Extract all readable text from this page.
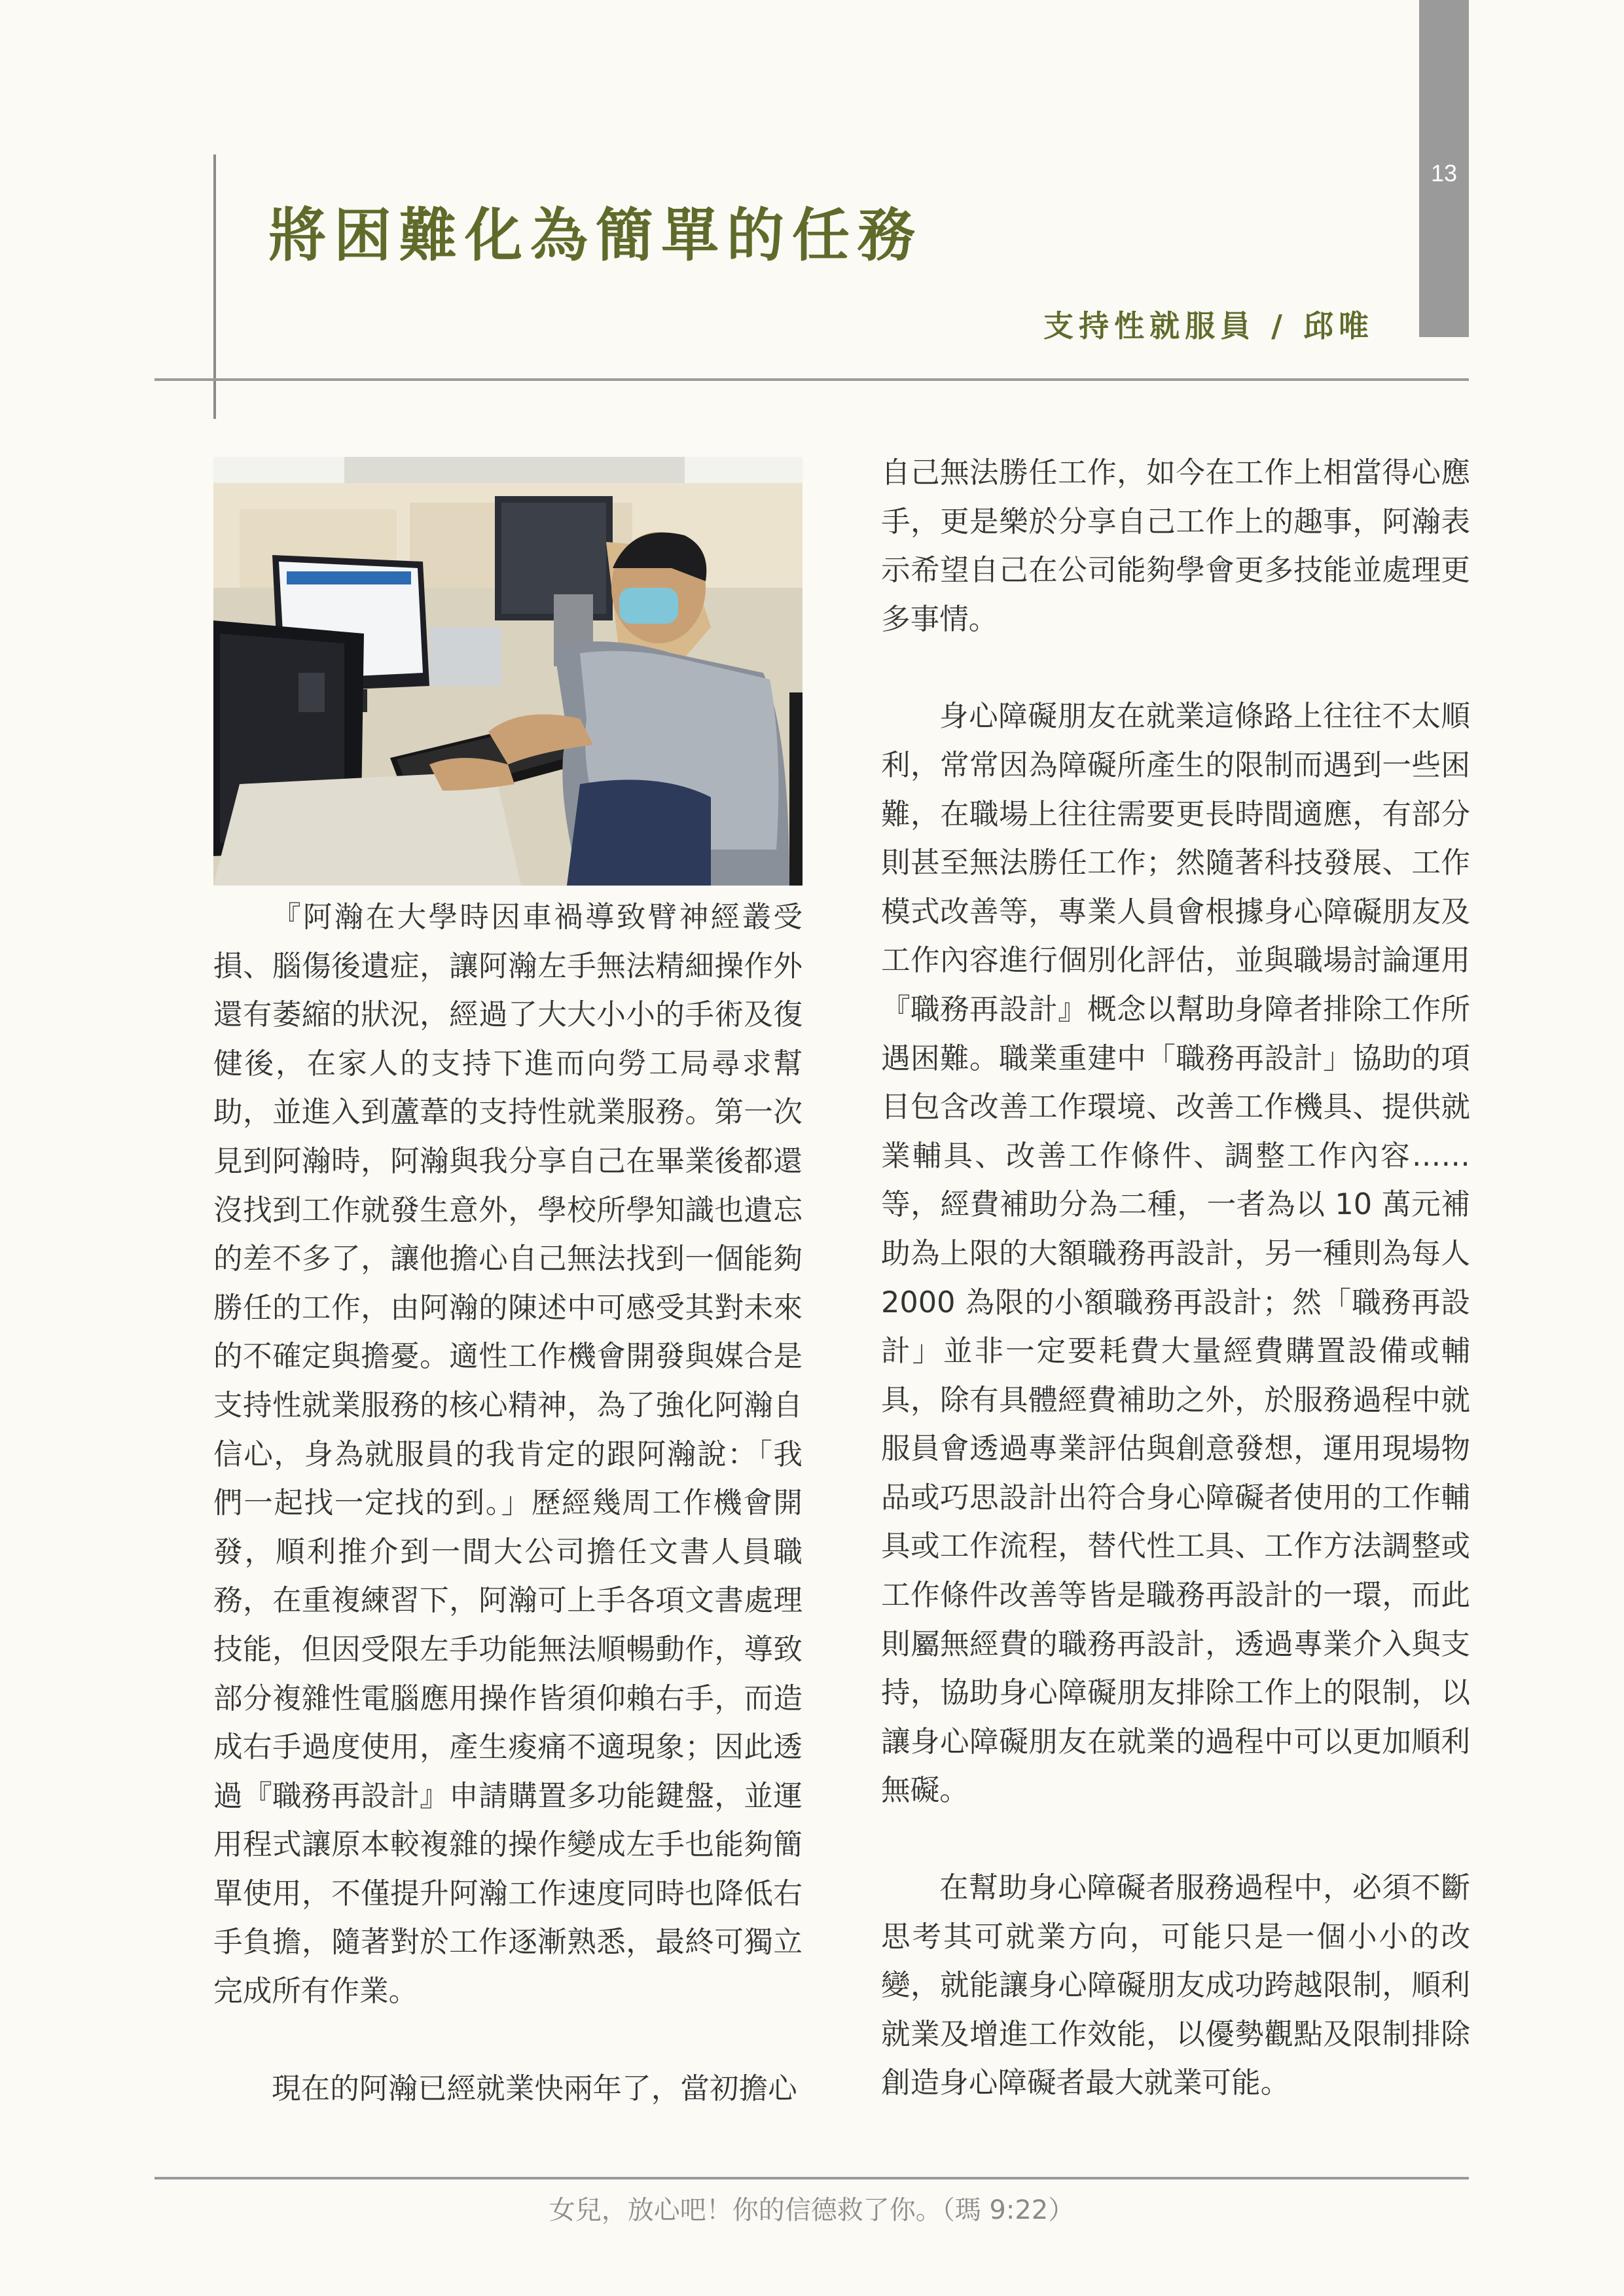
13
將困難化為簡單的任務
支持性就服員 / 邱唯

『阿瀚在大學時因車禍導致臂神經叢受損、腦傷後遺症，讓阿瀚左手無法精細操作外還有萎縮的狀況，經過了大大小小的手術及復健後，在家人的支持下進而向勞工局尋求幫助，並進入到蘆葦的支持性就業服務。第一次見到阿瀚時，阿瀚與我分享自己在畢業後都還沒找到工作就發生意外，學校所學知識也遺忘的差不多了，讓他擔心自己無法找到一個能夠勝任的工作，由阿瀚的陳述中可感受其對未來的不確定與擔憂。適性工作機會開發與媒合是支持性就業服務的核心精神，為了強化阿瀚自信心，身為就服員的我肯定的跟阿瀚說：「我們一起找一定找的到。」歷經幾周工作機會開發，順利推介到一間大公司擔任文書人員職務，在重複練習下，阿瀚可上手各項文書處理技能，但因受限左手功能無法順暢動作，導致部分複雜性電腦應用操作皆須仰賴右手，而造成右手過度使用，產生痠痛不適現象；因此透過『職務再設計』申請購置多功能鍵盤，並運用程式讓原本較複雜的操作變成左手也能夠簡單使用，不僅提升阿瀚工作速度同時也降低右手負擔，隨著對於工作逐漸熟悉，最終可獨立完成所有作業。

現在的阿瀚已經就業快兩年了，當初擔心

自己無法勝任工作，如今在工作上相當得心應手，更是樂於分享自己工作上的趣事，阿瀚表示希望自己在公司能夠學會更多技能並處理更多事情。

身心障礙朋友在就業這條路上往往不太順利，常常因為障礙所產生的限制而遇到一些困難，在職場上往往需要更長時間適應，有部分則甚至無法勝任工作；然隨著科技發展、工作模式改善等，專業人員會根據身心障礙朋友及工作內容進行個別化評估，並與職場討論運用『職務再設計』概念以幫助身障者排除工作所遇困難。職業重建中「職務再設計」協助的項目包含改善工作環境、改善工作機具、提供就業輔具、改善工作條件、調整工作內容……等，經費補助分為二種，一者為以 10 萬元補助為上限的大額職務再設計，另一種則為每人 2000 為限的小額職務再設計；然「職務再設計」並非一定要耗費大量經費購置設備或輔具，除有具體經費補助之外，於服務過程中就服員會透過專業評估與創意發想，運用現場物品或巧思設計出符合身心障礙者使用的工作輔具或工作流程，替代性工具、工作方法調整或工作條件改善等皆是職務再設計的一環，而此則屬無經費的職務再設計，透過專業介入與支持，協助身心障礙朋友排除工作上的限制，以讓身心障礙朋友在就業的過程中可以更加順利無礙。

在幫助身心障礙者服務過程中，必須不斷思考其可就業方向，可能只是一個小小的改變，就能讓身心障礙朋友成功跨越限制，順利就業及增進工作效能，以優勢觀點及限制排除創造身心障礙者最大就業可能。

女兒，放心吧！你的信德救了你。（瑪 9:22）
